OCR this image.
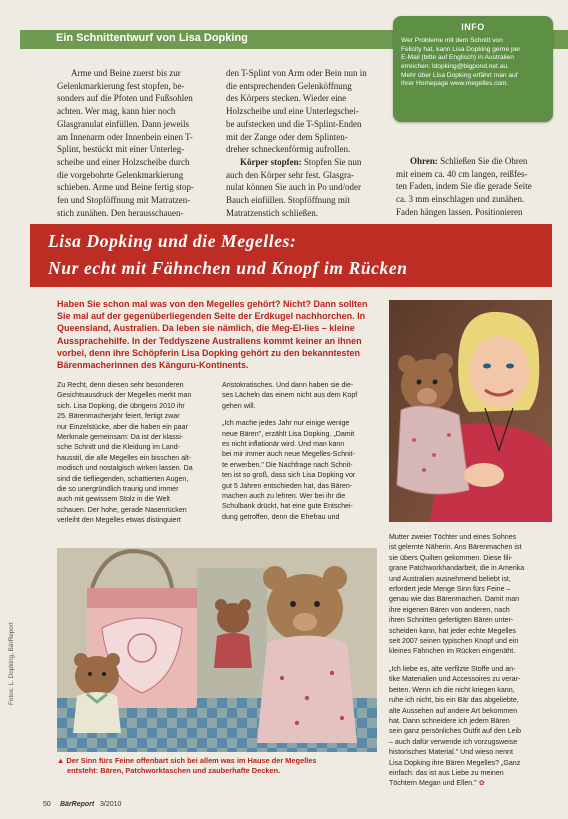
Ein Schnittentwurf von Lisa Dopking
INFO
Wer Probleme mit dem Schnitt von
Felicity hat, kann Lisa Dopking gerne per
E-Mail (bitte auf Englisch) in Australien
erreichen: ldopking@bigpond.net.au.
Mehr über Lisa Dopking erfährt man auf
ihrer Homepage www.megelles.com.

Arme und Beine zuerst bis zur

Gelenkmarkierung fest stopfen, be-

sonders auf die Pfoten und Fußsohlen

achten. Wer mag, kann hier noch

Glasgranulat einfüllen. Dann jeweils

am Innenarm oder Innenbein einen T-

Splint, bestückt mit einer Unterleg-

scheibe und einer Holzscheibe durch

die vorgebohrte Gelenkmarkierung

schieben. Arme und Beine fertig stop-

fen und Stopföffnung mit Matratzen-

stich zunähen. Den herausschauen-

den T-Splint von Arm oder Bein nun in

die entsprechenden Gelenköffnung

des Körpers stecken. Wieder eine

Holzscheibe und eine Unterlegschei-

be aufstecken und die T-Splint-Enden

mit der Zange oder dem Splinten-

dreher schneckenförmig aufrollen.

Körper stopfen: Stopfen Sie nun

auch den Körper sehr fest. Glasgra-

nulat können Sie auch in Po und/oder

Bauch einfüllen. Stopföffnung mit

Matratzenstich schließen.

Ohren: Schließen Sie die Ohren

mit einem ca. 40 cm langen, reißfes-

ten Faden, indem Sie die gerade Seite

ca. 3 mm einschlagen und zunähen.

Faden hängen lassen. Positionieren

Lisa Dopking und die Megelles:
Nur echt mit Fähnchen und Knopf im Rücken
Haben Sie schon mal was von den Megelles gehört? Nicht? Dann sollten
Sie mal auf der gegenüberliegenden Seite der Erdkugel nachhorchen. In
Queensland, Australien. Da leben sie nämlich, die Meg-El-lies – kleine
Aussprachehilfe. In der Teddyszene Australiens kommt keiner an ihnen
vorbei, denn ihre Schöpferin Lisa Dopking gehört zu den bekanntesten
Bärenmacherinnen des Känguru-Kontinents.

Zu Recht, denn diesen sehr besonderen
Gesichtsausdruck der Megelles merkt man
sich. Lisa Dopking, die übrigens 2010 ihr
25. Bärenmacherjahr feiert, fertigt zwar
nur Einzelstücke, aber die haben ein paar
Merkmale gemeinsam: Da ist der klassi-
sche Schnitt und die Kleidung im Land-
hausstil, die alle Megelles ein bisschen alt-
modisch und nostalgisch wirken lassen. Da
sind die tiefliegenden, schattierten Augen,
die so unergründlich traurig und immer
auch mit gewissem Stolz in die Welt
schauen. Der hohe, gerade Nasenrücken
verleiht den Megelles etwas distinguiert

Aristokratisches. Und dann haben sie die-
ses Lächeln das einem nicht aus dem Kopf
gehen will.

„Ich mache jedes Jahr nur einige wenige
neue Bären", erzählt Lisa Dopking. „Damit
es nicht inflationär wird. Und man kann
bei mir immer auch neue Megelles-Schnit-
te erwerben." Die Nachfrage nach Schnit-
ten ist so groß, dass sich Lisa Dopking vor
gut 5 Jahren entschieden hat, das Bären-
machen auch zu lehren. Wer bei ihr die
Schulbank drückt, hat eine gute Entschei-
dung getroffen, denn die Ehefrau und

Mutter zweier Töchter und eines Sohnes
ist gelernte Näherin. Ans Bärenmachen ist
sie übers Quilten gekommen. Diese fili-
grane Patchworkhandarbeit, die in Amerika
und Australien ausnehmend beliebt ist,
erfordert jede Menge Sinn fürs Feine –
genau wie das Bärenmachen. Damit man
ihre eigenen Bären von anderen, nach
ihren Schnitten gefertigten Bären unter-
scheiden kann, hat jeder echte Megelles
seit 2007 seinen typischen Knopf und ein
kleines Fähnchen im Rücken eingenäht.

„Ich liebe es, alte verfilzte Stoffe und an-
tike Materialien und Accessoires zu verar-
beiten. Wenn ich die nicht kriegen kann,
ruhe ich nicht, bis ein Bär das abgeliebte,
alte Aussehen auf andere Art bekommen
hat. Dann schneidere ich jedem Bären
sein ganz persönliches Outfit auf den Leib
– auch dafür verwende ich vorzugsweise
historisches Material." Und wieso nennt
Lisa Dopking ihre Bären Megelles? „Ganz
einfach: das ist aus Liebe zu meinen
Töchtern Megan und Ellen." ✿

▲ Der Sinn fürs Feine offenbart sich bei allem was im Hause der Megelles
entsteht: Bären, Patchworktaschen und zauberhafte Decken.
Fotos: L. Dopking, BärReport
50 BärReport 3/2010
